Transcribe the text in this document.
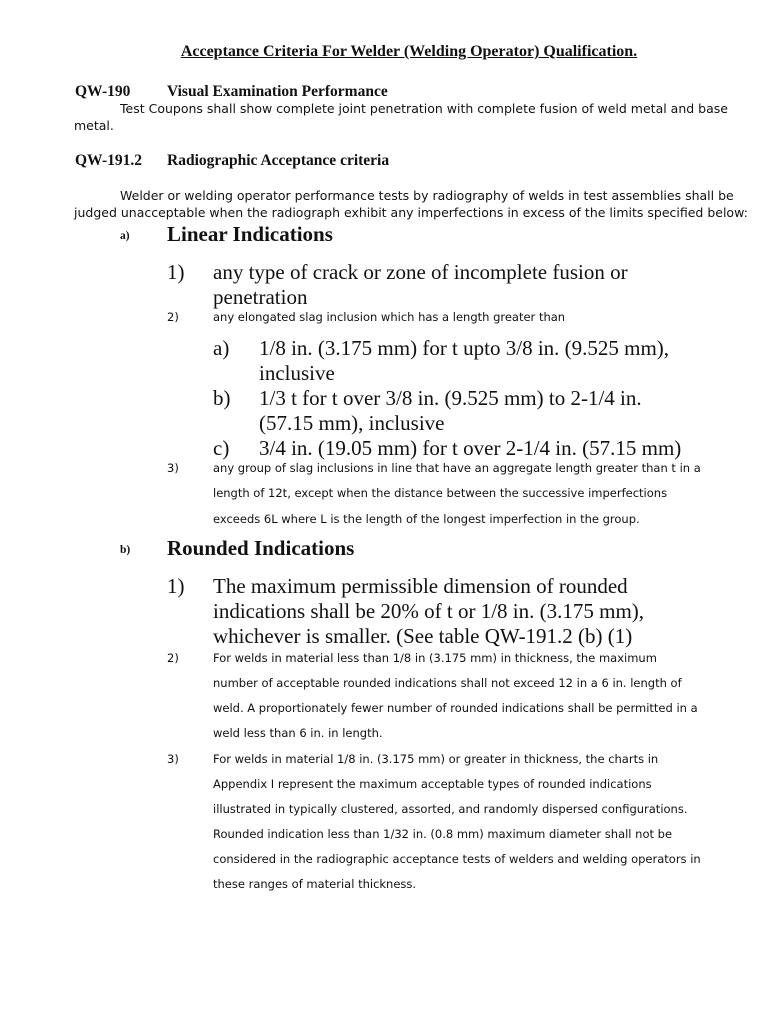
Acceptance Criteria For Welder (Welding Operator) Qualification.
QW-190 Visual Examination Performance
Test Coupons shall show complete joint penetration with complete fusion of weld metal and base
metal.
QW-191.2 Radiographic Acceptance criteria
Welder or welding operator performance tests by radiography of welds in test assemblies shall be
judged unacceptable when the radiograph exhibit any imperfections in excess of the limits specified below:
a) Linear Indications
1) any type of crack or zone of incomplete fusion or
penetration
2)	any elongated slag inclusion which has a length greater than
a) 1/8 in. (3.175 mm) for t upto 3/8 in. (9.525 mm),
inclusive
b) 1/3 t for t over 3/8 in. (9.525 mm) to 2-1/4 in.
(57.15 mm), inclusive
c) 3/4 in. (19.05 mm) for t over 2-1/4 in. (57.15 mm)
3)	any group of slag inclusions in line that have an aggregate length greater than t in a
length of 12t, except when the distance between the successive imperfections
exceeds 6L where L is the length of the longest imperfection in the group.
b) Rounded Indications
1) The maximum permissible dimension of rounded
indications shall be 20% of t or 1/8 in. (3.175 mm),
whichever is smaller. (See table QW-191.2 (b) (1)
2)	For welds in material less than 1/8 in (3.175 mm) in thickness, the maximum
number of acceptable rounded indications shall not exceed 12 in a 6 in. length of
weld. A proportionately fewer number of rounded indications shall be permitted in a
weld less than 6 in. in length.
3)	For welds in material 1/8 in. (3.175 mm) or greater in thickness, the charts in
Appendix I represent the maximum acceptable types of rounded indications
illustrated in typically clustered, assorted, and randomly dispersed configurations.
Rounded indication less than 1/32 in. (0.8 mm) maximum diameter shall not be
considered in the radiographic acceptance tests of welders and welding operators in
these ranges of material thickness.
